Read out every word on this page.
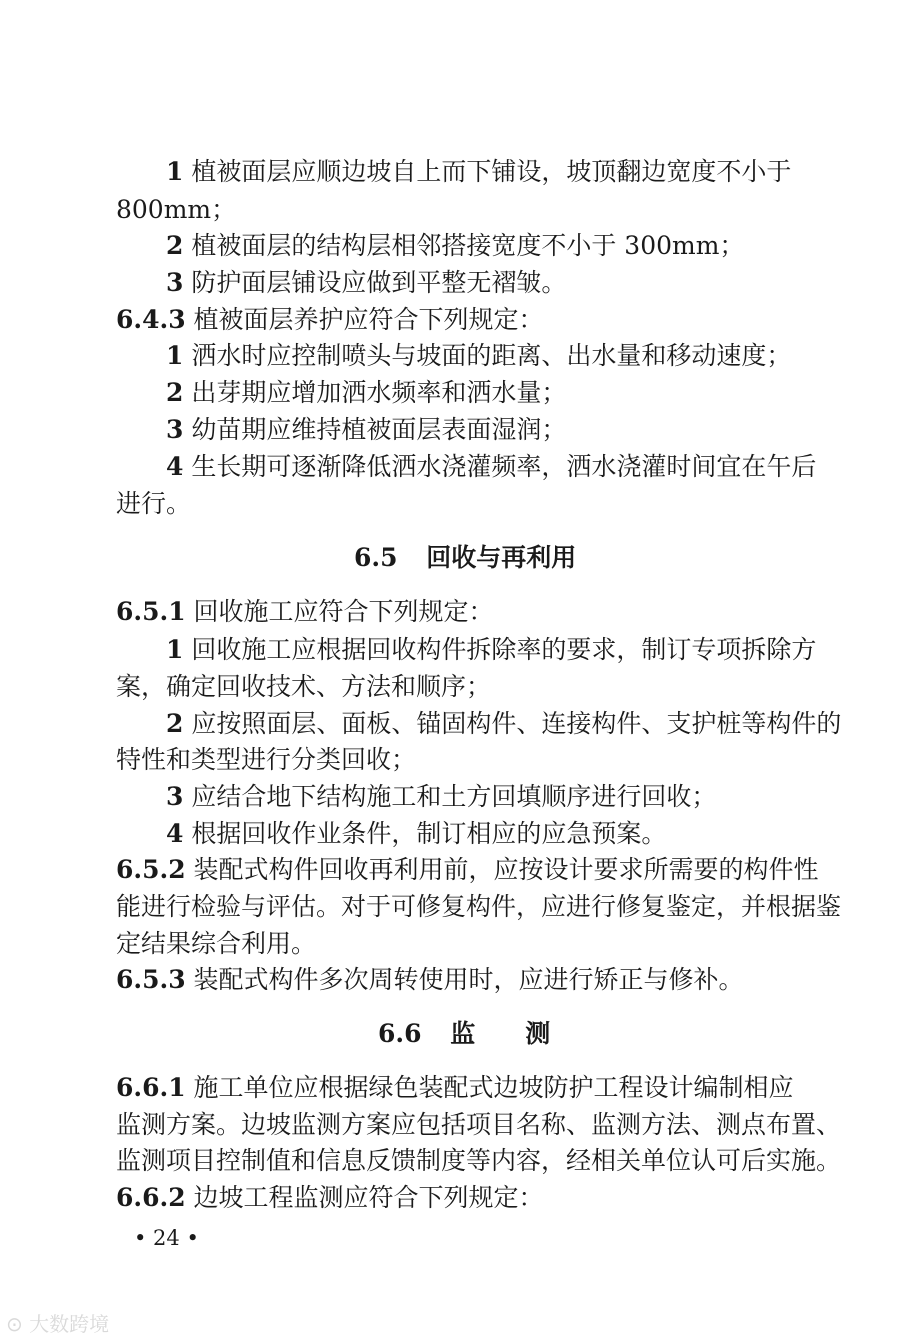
1 植被面层应顺边坡自上而下铺设，坡顶翻边宽度不小于
800mm；
2 植被面层的结构层相邻搭接宽度不小于 300mm；
3 防护面层铺设应做到平整无褶皱。
6.4.3 植被面层养护应符合下列规定：
1 洒水时应控制喷头与坡面的距离、出水量和移动速度；
2 出芽期应增加洒水频率和洒水量；
3 幼苗期应维持植被面层表面湿润；
4 生长期可逐渐降低洒水浇灌频率，洒水浇灌时间宜在午后
进行。
6.5 回收与再利用
6.5.1 回收施工应符合下列规定：
1 回收施工应根据回收构件拆除率的要求，制订专项拆除方
案，确定回收技术、方法和顺序；
2 应按照面层、面板、锚固构件、连接构件、支护桩等构件的
特性和类型进行分类回收；
3 应结合地下结构施工和土方回填顺序进行回收；
4 根据回收作业条件，制订相应的应急预案。
6.5.2 装配式构件回收再利用前，应按设计要求所需要的构件性
能进行检验与评估。对于可修复构件，应进行修复鉴定，并根据鉴
定结果综合利用。
6.5.3 装配式构件多次周转使用时，应进行矫正与修补。
6.6 监　　测
6.6.1 施工单位应根据绿色装配式边坡防护工程设计编制相应
监测方案。边坡监测方案应包括项目名称、监测方法、测点布置、
监测项目控制值和信息反馈制度等内容，经相关单位认可后实施。
6.6.2 边坡工程监测应符合下列规定：
• 24 •
⊙ 大数跨境
